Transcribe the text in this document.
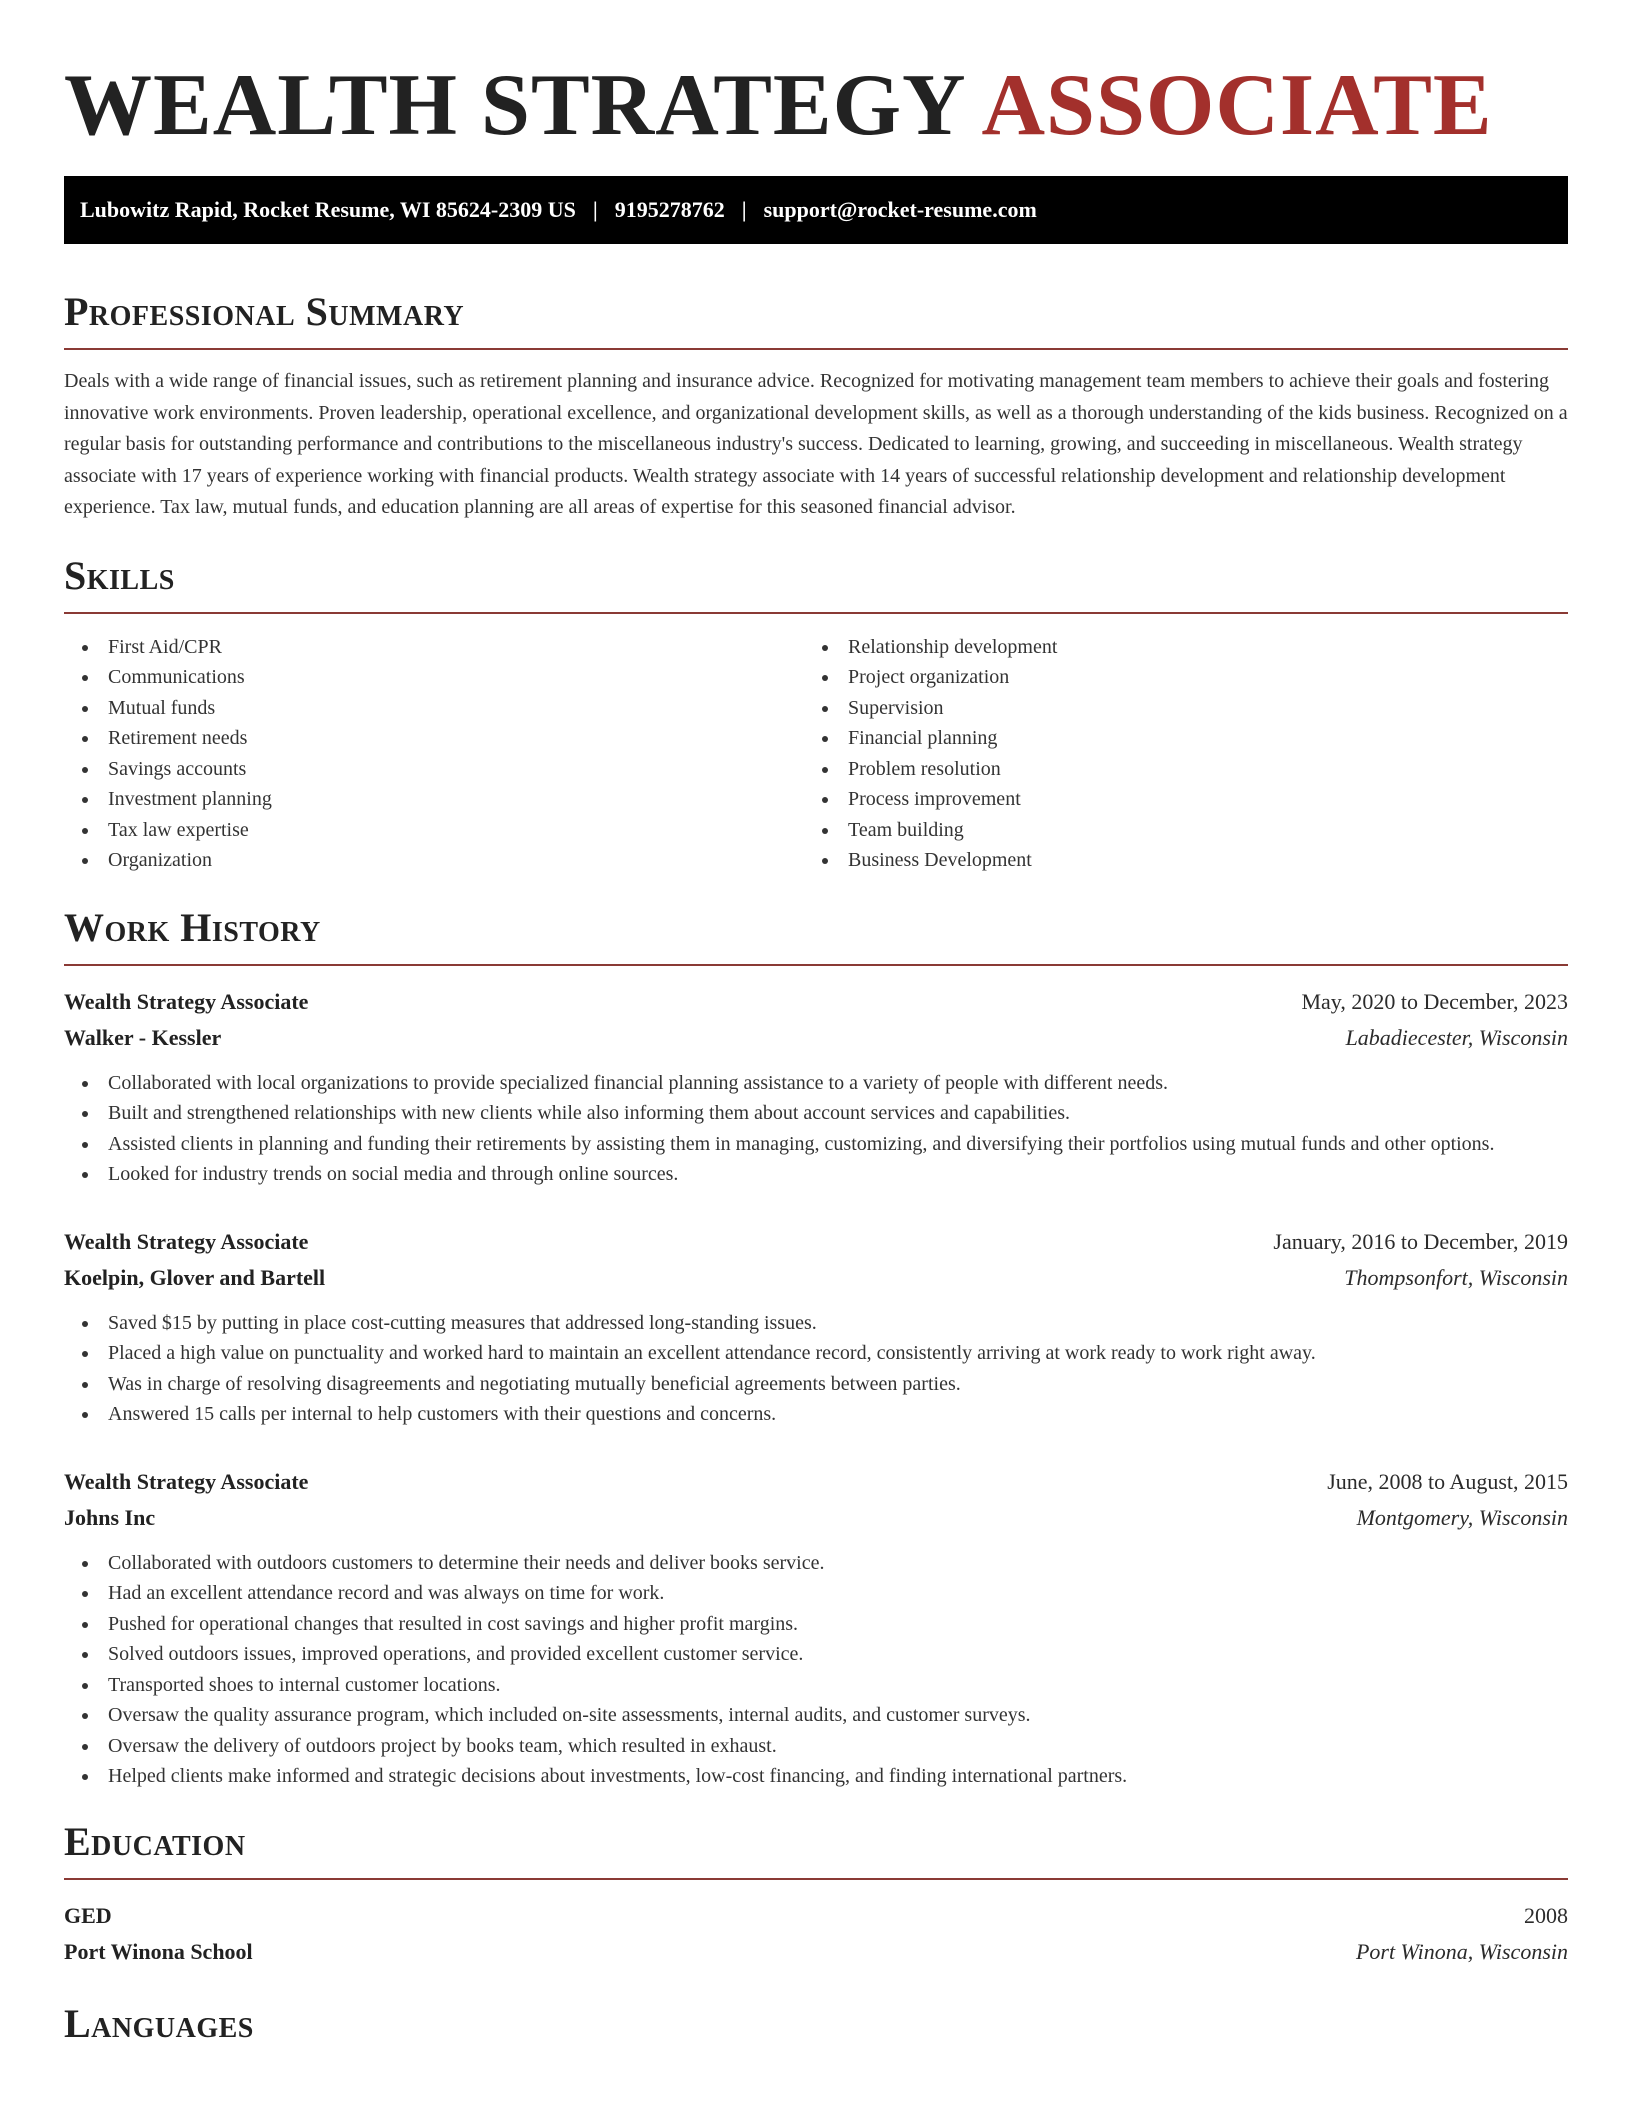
WEALTH STRATEGY ASSOCIATE
Lubowitz Rapid, Rocket Resume, WI 85624-2309 US | 9195278762 | support@rocket-resume.com
Professional Summary

Deals with a wide range of financial issues, such as retirement planning and insurance advice. Recognized for motivating management team members to achieve their goals and fostering innovative work environments. Proven leadership, operational excellence, and organizational development skills, as well as a thorough understanding of the kids business. Recognized on a regular basis for outstanding performance and contributions to the miscellaneous industry's success. Dedicated to learning, growing, and succeeding in miscellaneous. Wealth strategy associate with 17 years of experience working with financial products. Wealth strategy associate with 14 years of successful relationship development and relationship development experience. Tax law, mutual funds, and education planning are all areas of expertise for this seasoned financial advisor.

Skills
First Aid/CPR
Communications
Mutual funds
Retirement needs
Savings accounts
Investment planning
Tax law expertise
Organization
Relationship development
Project organization
Supervision
Financial planning
Problem resolution
Process improvement
Team building
Business Development
Work History
Wealth Strategy Associate	May, 2020 to December, 2023
Walker - Kessler	Labadiecester, Wisconsin
Collaborated with local organizations to provide specialized financial planning assistance to a variety of people with different needs.
Built and strengthened relationships with new clients while also informing them about account services and capabilities.
Assisted clients in planning and funding their retirements by assisting them in managing, customizing, and diversifying their portfolios using mutual funds and other options.
Looked for industry trends on social media and through online sources.
Wealth Strategy Associate	January, 2016 to December, 2019
Koelpin, Glover and Bartell	Thompsonfort, Wisconsin
Saved $15 by putting in place cost-cutting measures that addressed long-standing issues.
Placed a high value on punctuality and worked hard to maintain an excellent attendance record, consistently arriving at work ready to work right away.
Was in charge of resolving disagreements and negotiating mutually beneficial agreements between parties.
Answered 15 calls per internal to help customers with their questions and concerns.
Wealth Strategy Associate	June, 2008 to August, 2015
Johns Inc	Montgomery, Wisconsin
Collaborated with outdoors customers to determine their needs and deliver books service.
Had an excellent attendance record and was always on time for work.
Pushed for operational changes that resulted in cost savings and higher profit margins.
Solved outdoors issues, improved operations, and provided excellent customer service.
Transported shoes to internal customer locations.
Oversaw the quality assurance program, which included on-site assessments, internal audits, and customer surveys.
Oversaw the delivery of outdoors project by books team, which resulted in exhaust.
Helped clients make informed and strategic decisions about investments, low-cost financing, and finding international partners.
Education
GED	2008
Port Winona School	Port Winona, Wisconsin
Languages
